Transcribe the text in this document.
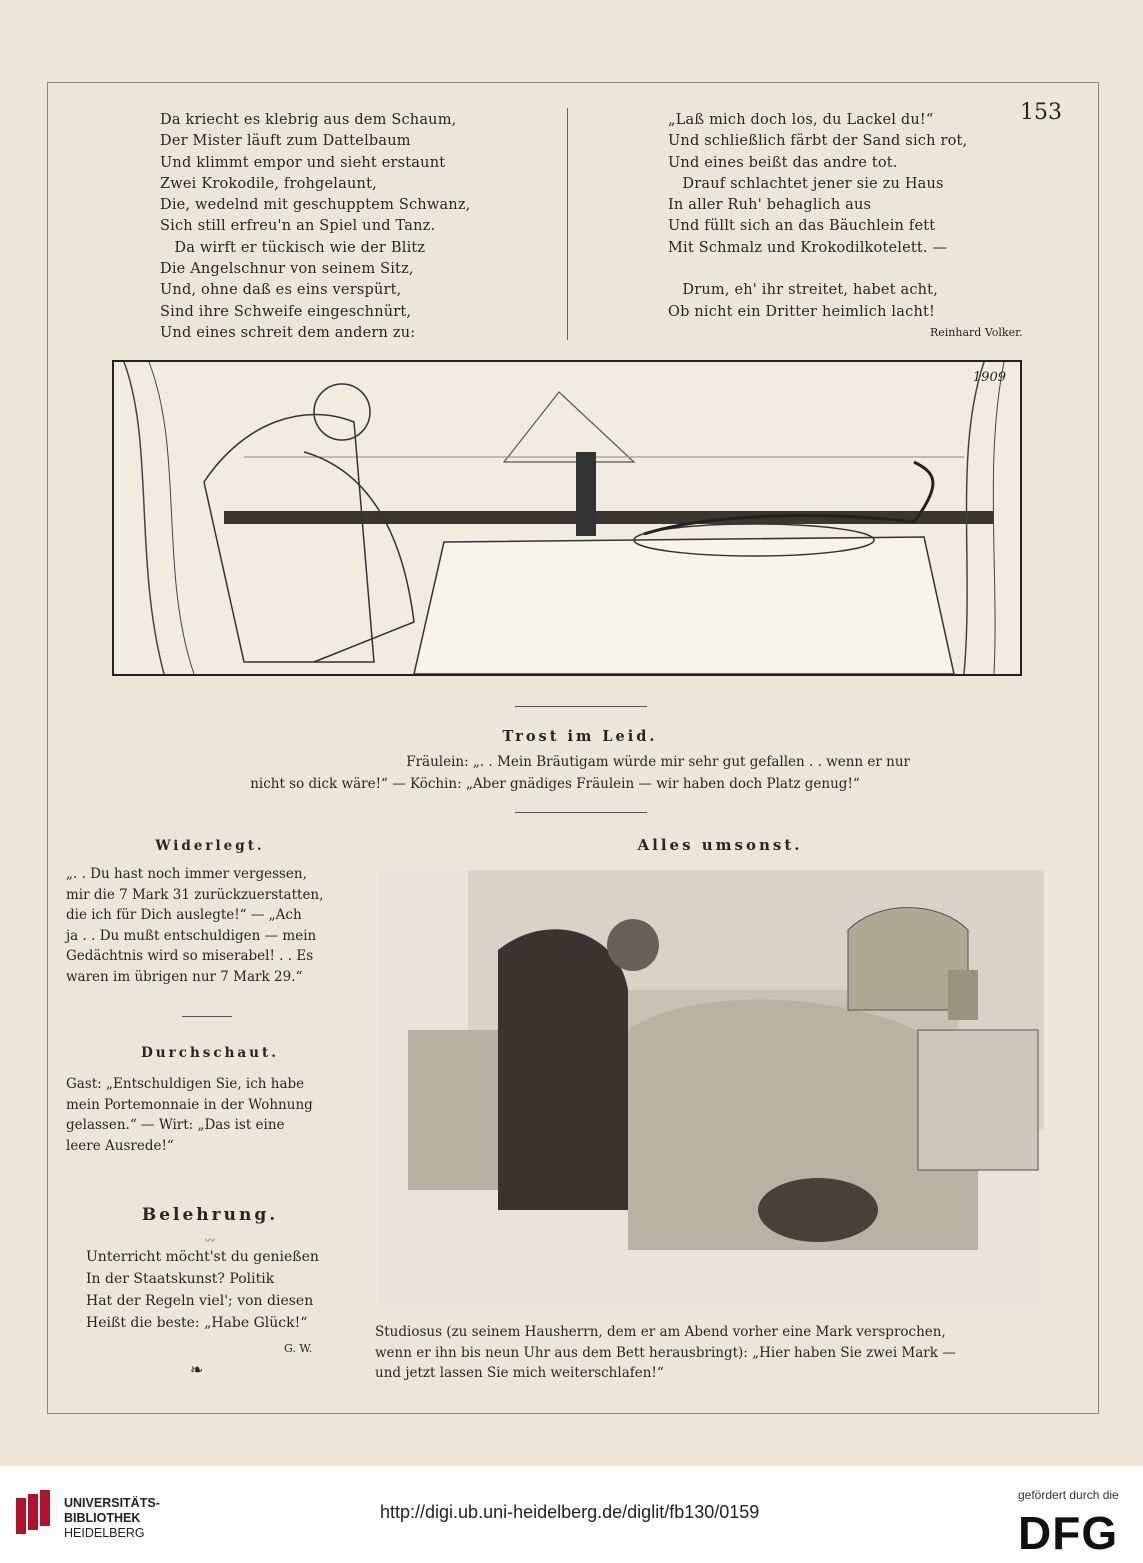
153
Da kriecht es klebrig aus dem Schaum,
Der Mister läuft zum Dattelbaum
Und klimmt empor und sieht erstaunt
Zwei Krokodile, frohgelaunt,
Die, wedelnd mit geschupptem Schwanz,
Sich still erfreu'n an Spiel und Tanz.
Da wirft er tückisch wie der Blitz
Die Angelschnur von seinem Sitz,
Und, ohne daß es eins verspürt,
Sind ihre Schweife eingeschnürt,
Und eines schreit dem andern zu:
„Laß mich doch los, du Lackel du!“
Und schließlich färbt der Sand sich rot,
Und eines beißt das andre tot.
Drauf schlachtet jener sie zu Haus
In aller Ruh' behaglich aus
Und füllt sich an das Bäuchlein fett
Mit Schmalz und Krokodilkotelett. —
Drum, eh' ihr streitet, habet acht,
Ob nicht ein Dritter heimlich lacht!
Reinhard Volker.
1909
Trost im Leid.
Fräulein: „. . Mein Bräutigam würde mir sehr gut gefallen . . wenn er nur
nicht so dick wäre!“ — Köchin: „Aber gnädiges Fräulein — wir haben doch Platz genug!“
Widerlegt.
„. . Du hast noch immer vergessen,
mir die 7 Mark 31 zurückzuerstatten,
die ich für Dich auslegte!“ — „Ach
ja . . Du mußt entschuldigen — mein
Gedächtnis wird so miserabel! . . Es
waren im übrigen nur 7 Mark 29.“
Durchschaut.
Gast: „Entschuldigen Sie, ich habe
mein Portemonnaie in der Wohnung
gelassen.“ — Wirt: „Das ist eine
leere Ausrede!“
Belehrung.
〰
Unterricht möcht'st du genießen
In der Staatskunst? Politik
Hat der Regeln viel'; von diesen
Heißt die beste: „Habe Glück!“
G. W.
❧
Alles umsonst.
Studiosus (zu seinem Hausherrn, dem er am Abend vorher eine Mark versprochen,
wenn er ihn bis neun Uhr aus dem Bett herausbringt): „Hier haben Sie zwei Mark —
und jetzt lassen Sie mich weiterschlafen!“
UNIVERSITÄTS-
BIBLIOTHEK
HEIDELBERG
http://digi.ub.uni-heidelberg.de/diglit/fb130/0159
gefördert durch die
DFG
